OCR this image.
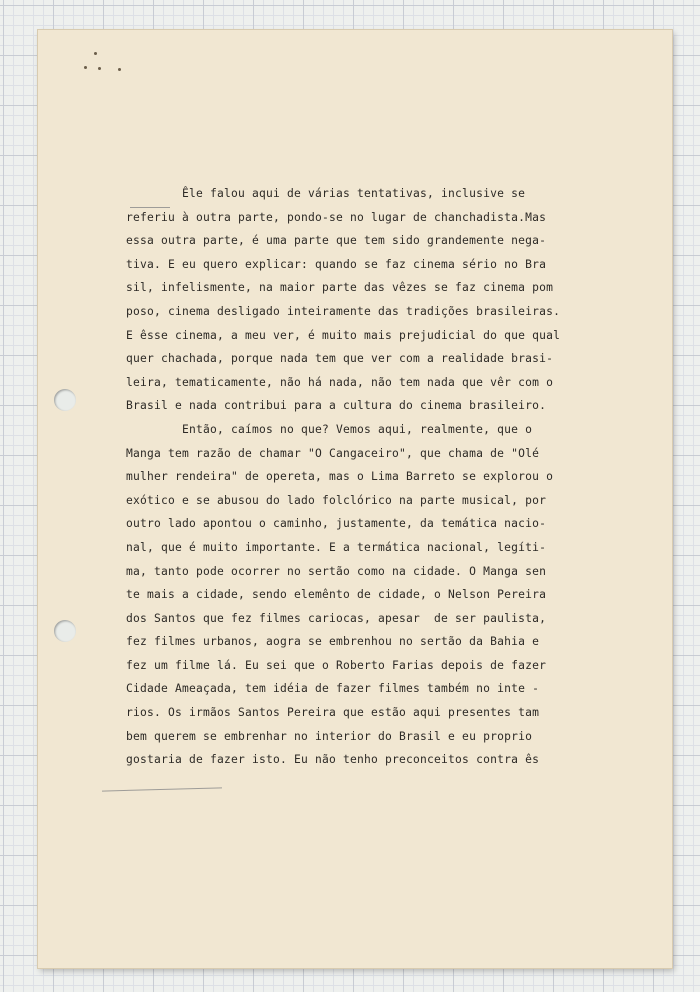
Êle falou aqui de várias tentativas, inclusive se
referiu à outra parte, pondo-se no lugar de chanchadista.Mas
essa outra parte, é uma parte que tem sido grandemente nega-
tiva. E eu quero explicar: quando se faz cinema sério no Bra
sil, infelismente, na maior parte das vêzes se faz cinema pom
poso, cinema desligado inteiramente das tradições brasileiras.
E êsse cinema, a meu ver, é muito mais prejudicial do que qual
quer chachada, porque nada tem que ver com a realidade brasi-
leira, tematicamente, não há nada, não tem nada que vêr com o
Brasil e nada contribui para a cultura do cinema brasileiro.
Então, caímos no que? Vemos aqui, realmente, que o
Manga tem razão de chamar "O Cangaceiro", que chama de "Olé
mulher rendeira" de opereta, mas o Lima Barreto se explorou o
exótico e se abusou do lado folclórico na parte musical, por
outro lado apontou o caminho, justamente, da temática nacio-
nal, que é muito importante. E a termática nacional, legíti-
ma, tanto pode ocorrer no sertão como na cidade. O Manga sen
te mais a cidade, sendo elemênto de cidade, o Nelson Pereira
dos Santos que fez filmes cariocas, apesar  de ser paulista,
fez filmes urbanos, aogra se embrenhou no sertão da Bahia e
fez um filme lá. Eu sei que o Roberto Farias depois de fazer
Cidade Ameaçada, tem idéia de fazer filmes também no inte -
rios. Os irmãos Santos Pereira que estão aqui presentes tam
bem querem se embrenhar no interior do Brasil e eu proprio
gostaria de fazer isto. Eu não tenho preconceitos contra ês
